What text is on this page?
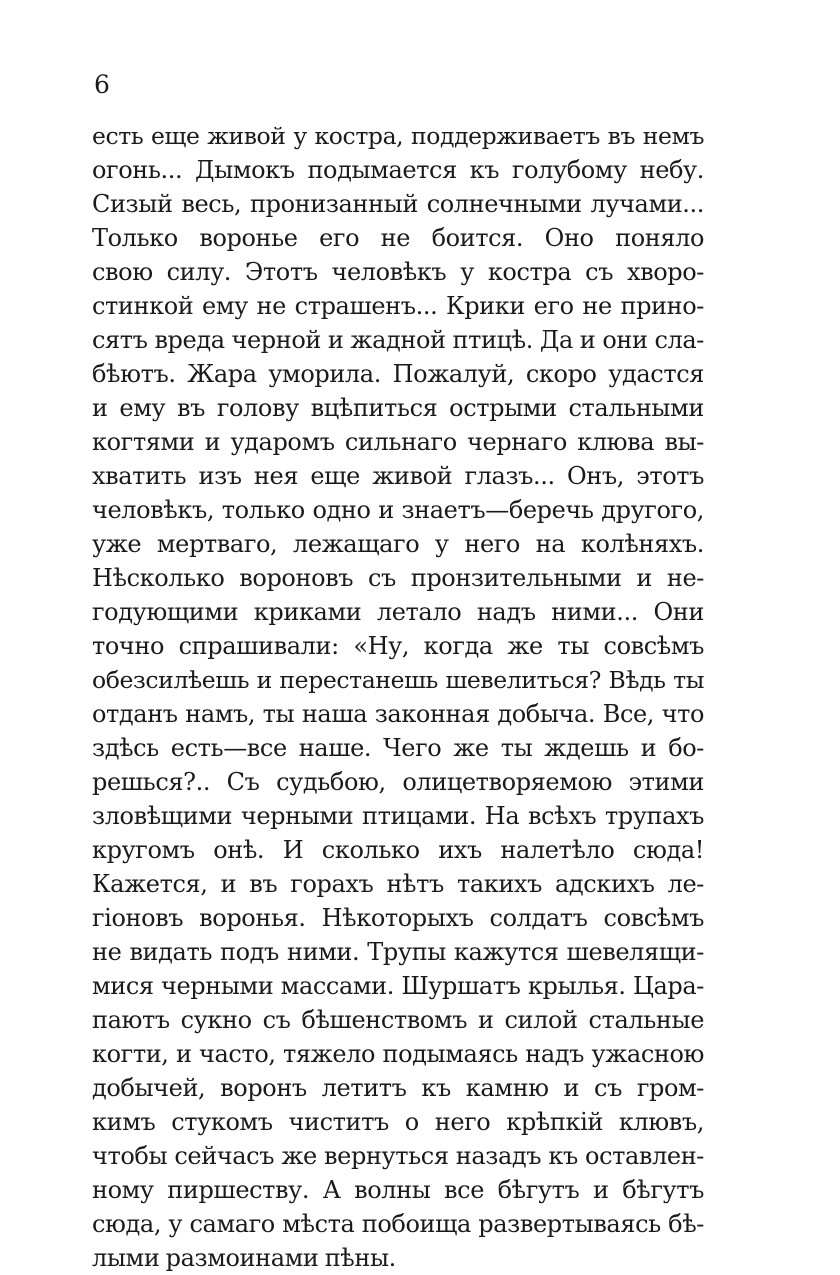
6
есть еще живой у костра, поддерживаетъ въ немъ
огонь... Дымокъ подымается къ голубому небу.
Сизый весь, пронизанный солнечными лучами...
Только воронье его не боится. Оно поняло
свою силу. Этотъ человѣкъ у костра съ хворо-
стинкой ему не страшенъ... Крики его не прино-
сятъ вреда черной и жадной птицѣ. Да и они сла-
бѣютъ. Жара уморила. Пожалуй, скоро удастся
и ему въ голову вцѣпиться острыми стальными
когтями и ударомъ сильнаго чернаго клюва вы-
хватить изъ нея еще живой глазъ... Онъ, этотъ
человѣкъ, только одно и знаетъ—беречь другого,
уже мертваго, лежащаго у него на колѣняхъ.
Нѣсколько вороновъ съ пронзительными и не-
годующими криками летало надъ ними... Они
точно спрашивали: «Ну, когда же ты совсѣмъ
обезсилѣешь и перестанешь шевелиться? Вѣдь ты
отданъ намъ, ты наша законная добыча. Все, что
здѣсь есть—все наше. Чего же ты ждешь и бо-
решься?.. Съ судьбою, олицетворяемою этими
зловѣщими черными птицами. На всѣхъ трупахъ
кругомъ онѣ. И сколько ихъ налетѣло сюда!
Кажется, и въ горахъ нѣтъ такихъ адскихъ ле-
гіоновъ воронья. Нѣкоторыхъ солдатъ совсѣмъ
не видать подъ ними. Трупы кажутся шевелящи-
мися черными массами. Шуршатъ крылья. Цара-
паютъ сукно съ бѣшенствомъ и силой стальные
когти, и часто, тяжело подымаясь надъ ужасною
добычей, воронъ летитъ къ камню и съ гром-
кимъ стукомъ чиститъ о него крѣпкій клювъ,
чтобы сейчасъ же вернуться назадъ къ оставлен-
ному пиршеству. А волны все бѣгутъ и бѣгутъ
сюда, у самаго мѣста побоища развертываясь бѣ-
лыми размоинами пѣны.
